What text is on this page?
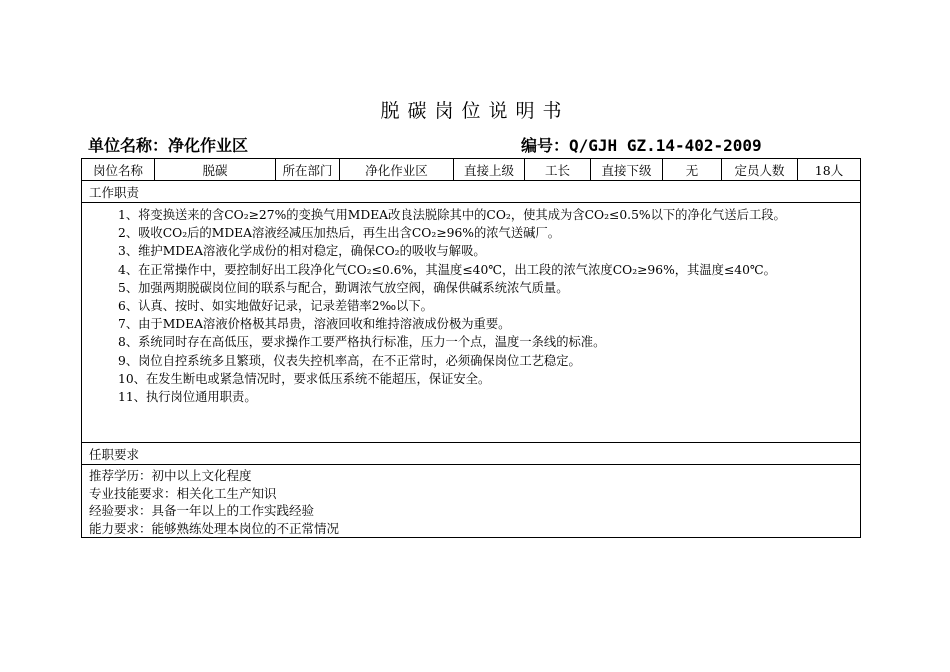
脱碳岗位说明书
单位名称：净化作业区	编号：Q/GJH GZ.14-402-2009
岗位名称	脱碳	所在部门	净化作业区	直接上级	工长	直接下级	无	定员人数	18人
工作职责
1、将变换送来的含CO₂≥27%的变换气用MDEA改良法脱除其中的CO₂，使其成为含CO₂≤0.5%以下的净化气送后工段。
2、吸收CO₂后的MDEA溶液经减压加热后，再生出含CO₂≥96%的浓气送碱厂。
3、维护MDEA溶液化学成份的相对稳定，确保CO₂的吸收与解吸。
4、在正常操作中，要控制好出工段净化气CO₂≤0.6%，其温度≤40℃，出工段的浓气浓度CO₂≥96%，其温度≤40℃。
5、加强两期脱碳岗位间的联系与配合，勤调浓气放空阀，确保供碱系统浓气质量。
6、认真、按时、如实地做好记录，记录差错率2‰以下。
7、由于MDEA溶液价格极其昂贵，溶液回收和维持溶液成份极为重要。
8、系统同时存在高低压，要求操作工要严格执行标准，压力一个点，温度一条线的标准。
9、岗位自控系统多且繁琐，仪表失控机率高，在不正常时，必须确保岗位工艺稳定。
10、在发生断电或紧急情况时，要求低压系统不能超压，保证安全。
11、执行岗位通用职责。
任职要求
推荐学历：初中以上文化程度
专业技能要求：相关化工生产知识
经验要求：具备一年以上的工作实践经验
能力要求：能够熟练处理本岗位的不正常情况
